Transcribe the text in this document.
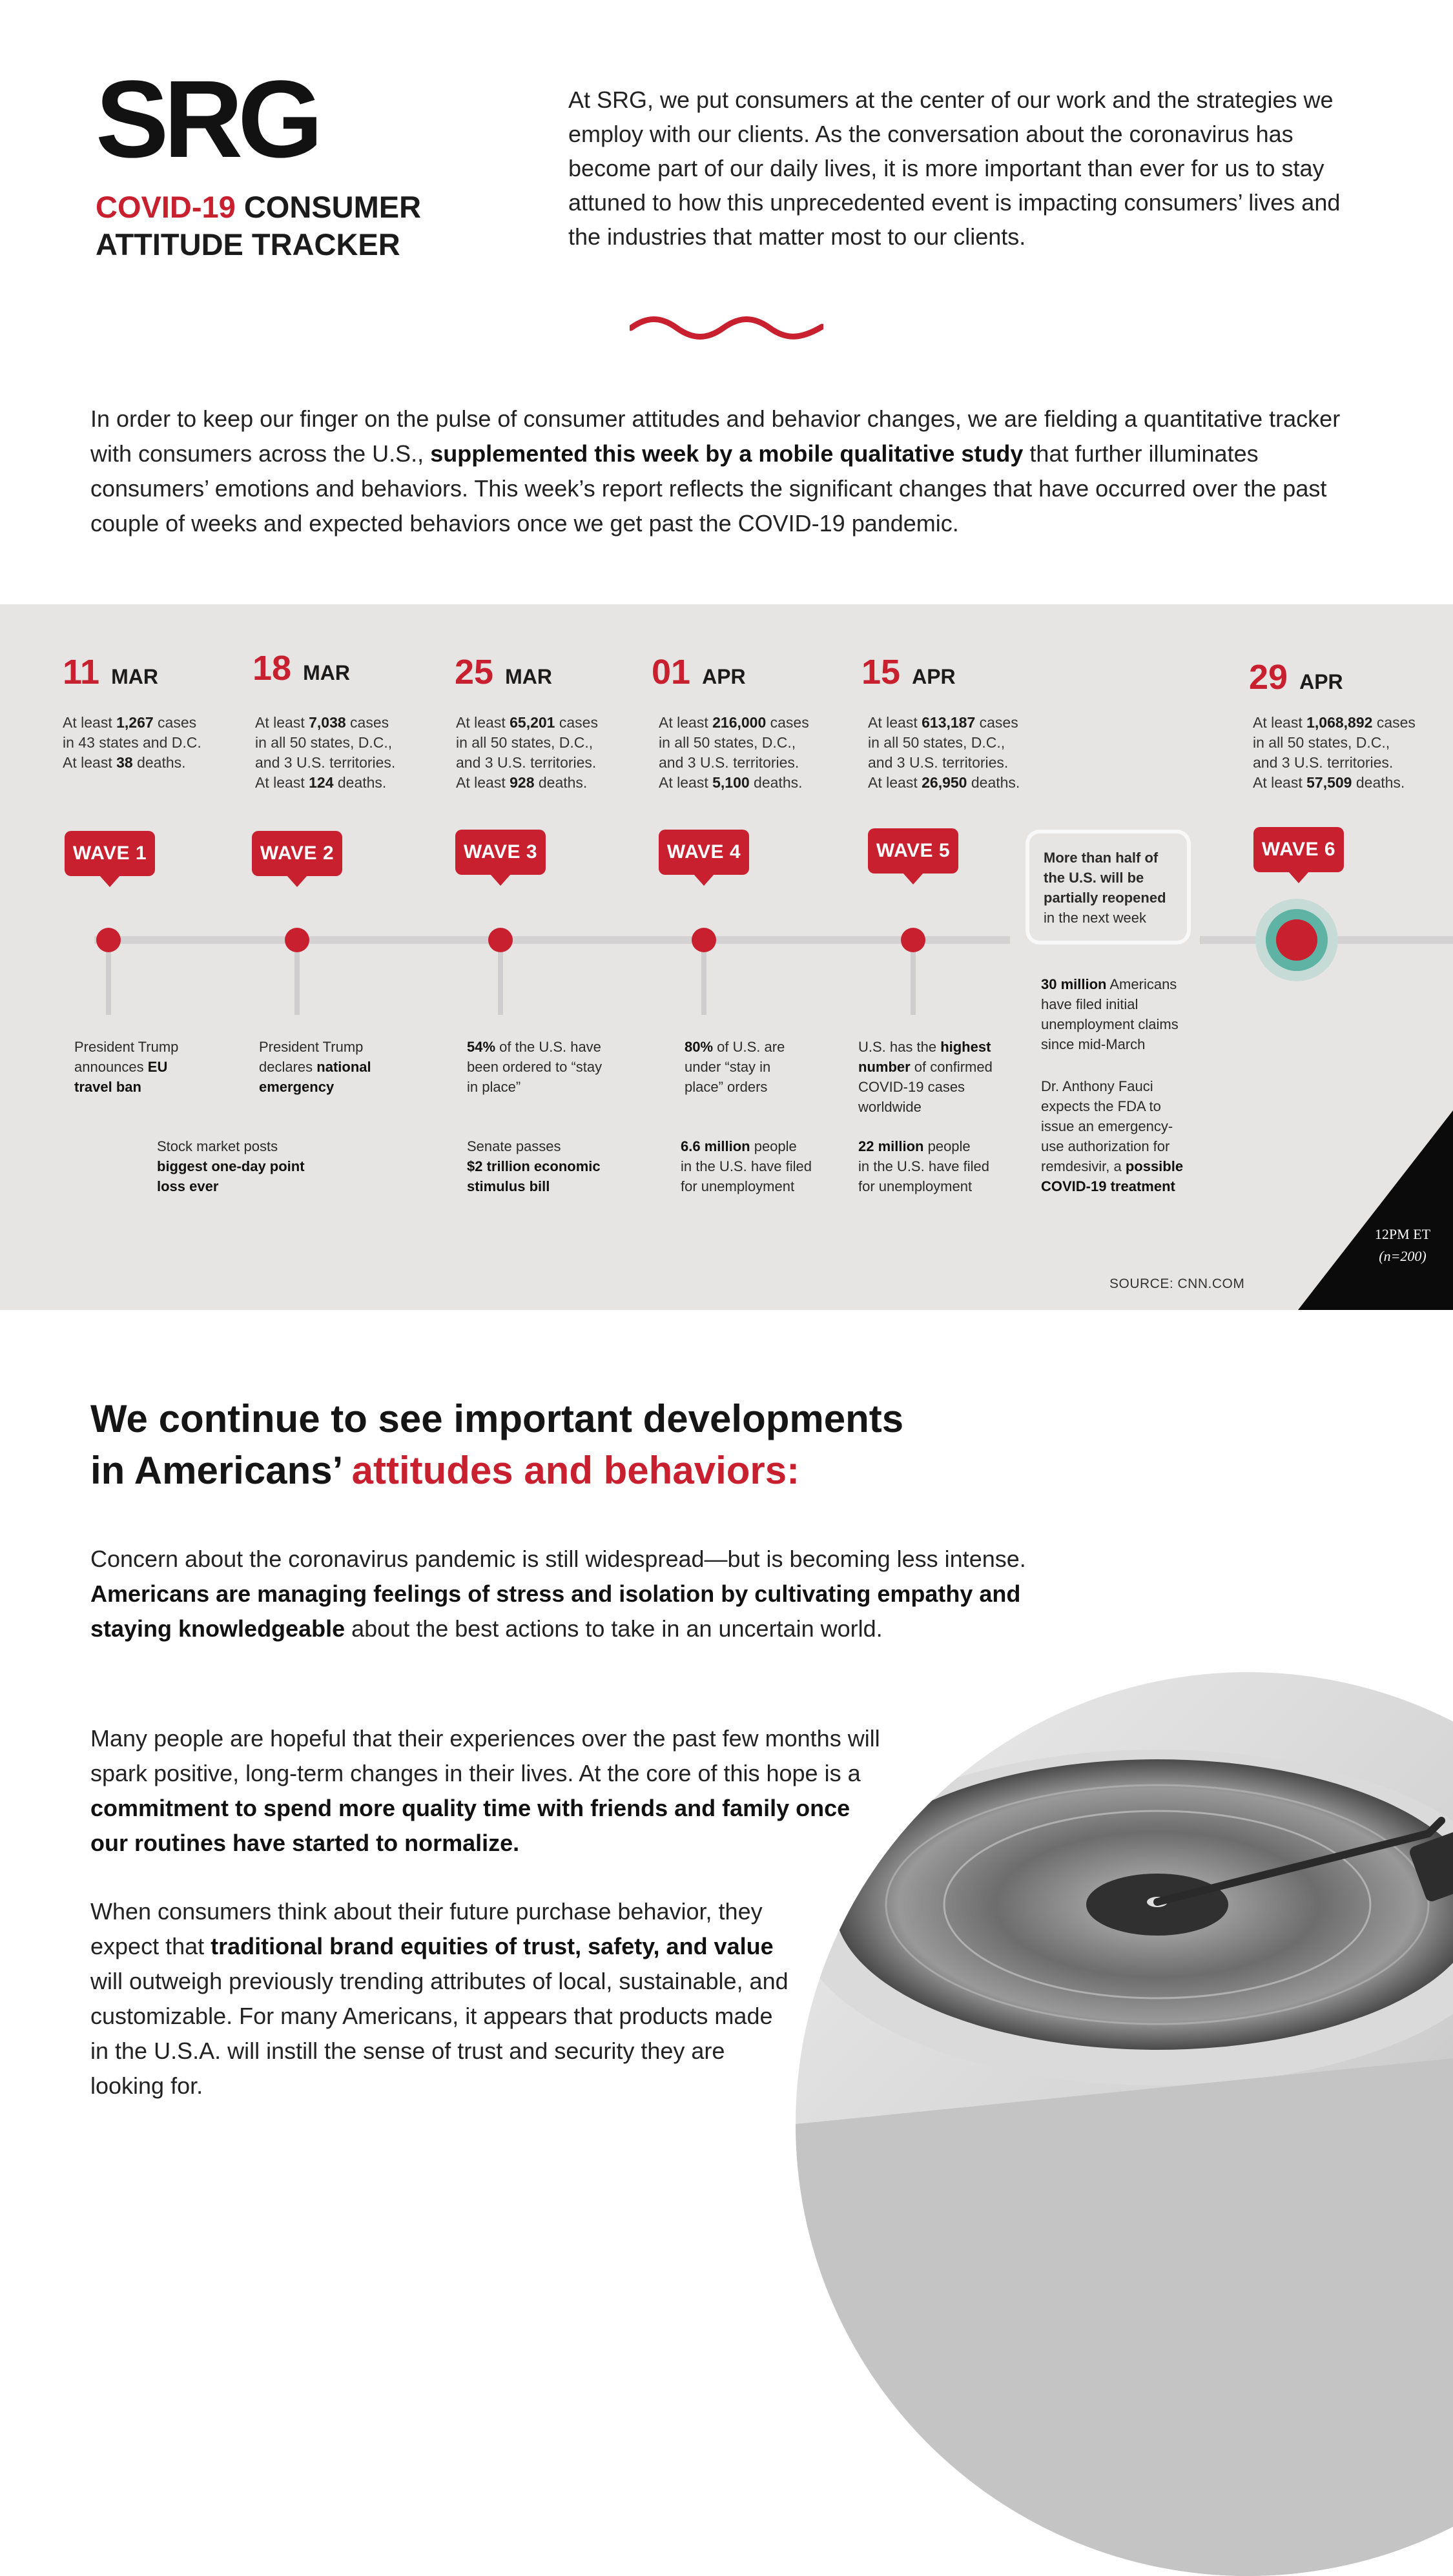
SRG
COVID-19 CONSUMER
ATTITUDE TRACKER
At SRG, we put consumers at the center of our work and the strategies we employ with our clients. As the conversation about the coronavirus has become part of our daily lives, it is more important than ever for us to stay attuned to how this unprecedented event is impacting consumers’ lives and the industries that matter most to our clients.
In order to keep our finger on the pulse of consumer attitudes and behavior changes, we are fielding a quantitative tracker with consumers across the U.S., supplemented this week by a mobile qualitative study that further illuminates consumers’ emotions and behaviors. This week’s report reflects the significant changes that have occurred over the past couple of weeks and expected behaviors once we get past the COVID-19 pandemic.
11 MAR	18 MAR	25 MAR	01 APR	15 APR	29 APR
At least 1,267 cases
in 43 states and D.C.
At least 38 deaths.
At least 7,038 cases
in all 50 states, D.C.,
and 3 U.S. territories.
At least 124 deaths.
At least 65,201 cases
in all 50 states, D.C.,
and 3 U.S. territories.
At least 928 deaths.
At least 216,000 cases
in all 50 states, D.C.,
and 3 U.S. territories.
At least 5,100 deaths.
At least 613,187 cases
in all 50 states, D.C.,
and 3 U.S. territories.
At least 26,950 deaths.
At least 1,068,892 cases
in all 50 states, D.C.,
and 3 U.S. territories.
At least 57,509 deaths.
WAVE 1	WAVE 2	WAVE 3	WAVE 4	WAVE 5	WAVE 6
President Trump
announces EU
travel ban
President Trump
declares national
emergency
Stock market posts
biggest one-day point
loss ever
54% of the U.S. have
been ordered to “stay
in place”
Senate passes
$2 trillion economic
stimulus bill
80% of U.S. are
under “stay in
place” orders
6.6 million people
in the U.S. have filed
for unemployment
U.S. has the highest
number of confirmed
COVID-19 cases
worldwide
22 million people
in the U.S. have filed
for unemployment
More than half of
the U.S. will be
partially reopened
in the next week
30 million Americans
have filed initial
unemployment claims
since mid-March
Dr. Anthony Fauci
expects the FDA to
issue an emergency-
use authorization for
remdesivir, a possible
COVID-19 treatment
12PM ET
(n=200)
SOURCE: CNN.COM
We continue to see important developments
in Americans’ attitudes and behaviors:
Concern about the coronavirus pandemic is still widespread—but is becoming less intense. Americans are managing feelings of stress and isolation by cultivating empathy and staying knowledgeable about the best actions to take in an uncertain world.
Many people are hopeful that their experiences over the past few months will spark positive, long-term changes in their lives. At the core of this hope is a commitment to spend more quality time with friends and family once our routines have started to normalize.
When consumers think about their future purchase behavior, they expect that traditional brand equities of trust, safety, and value will outweigh previously trending attributes of local, sustainable, and customizable. For many Americans, it appears that products made in the U.S.A. will instill the sense of trust and security they are looking for.
